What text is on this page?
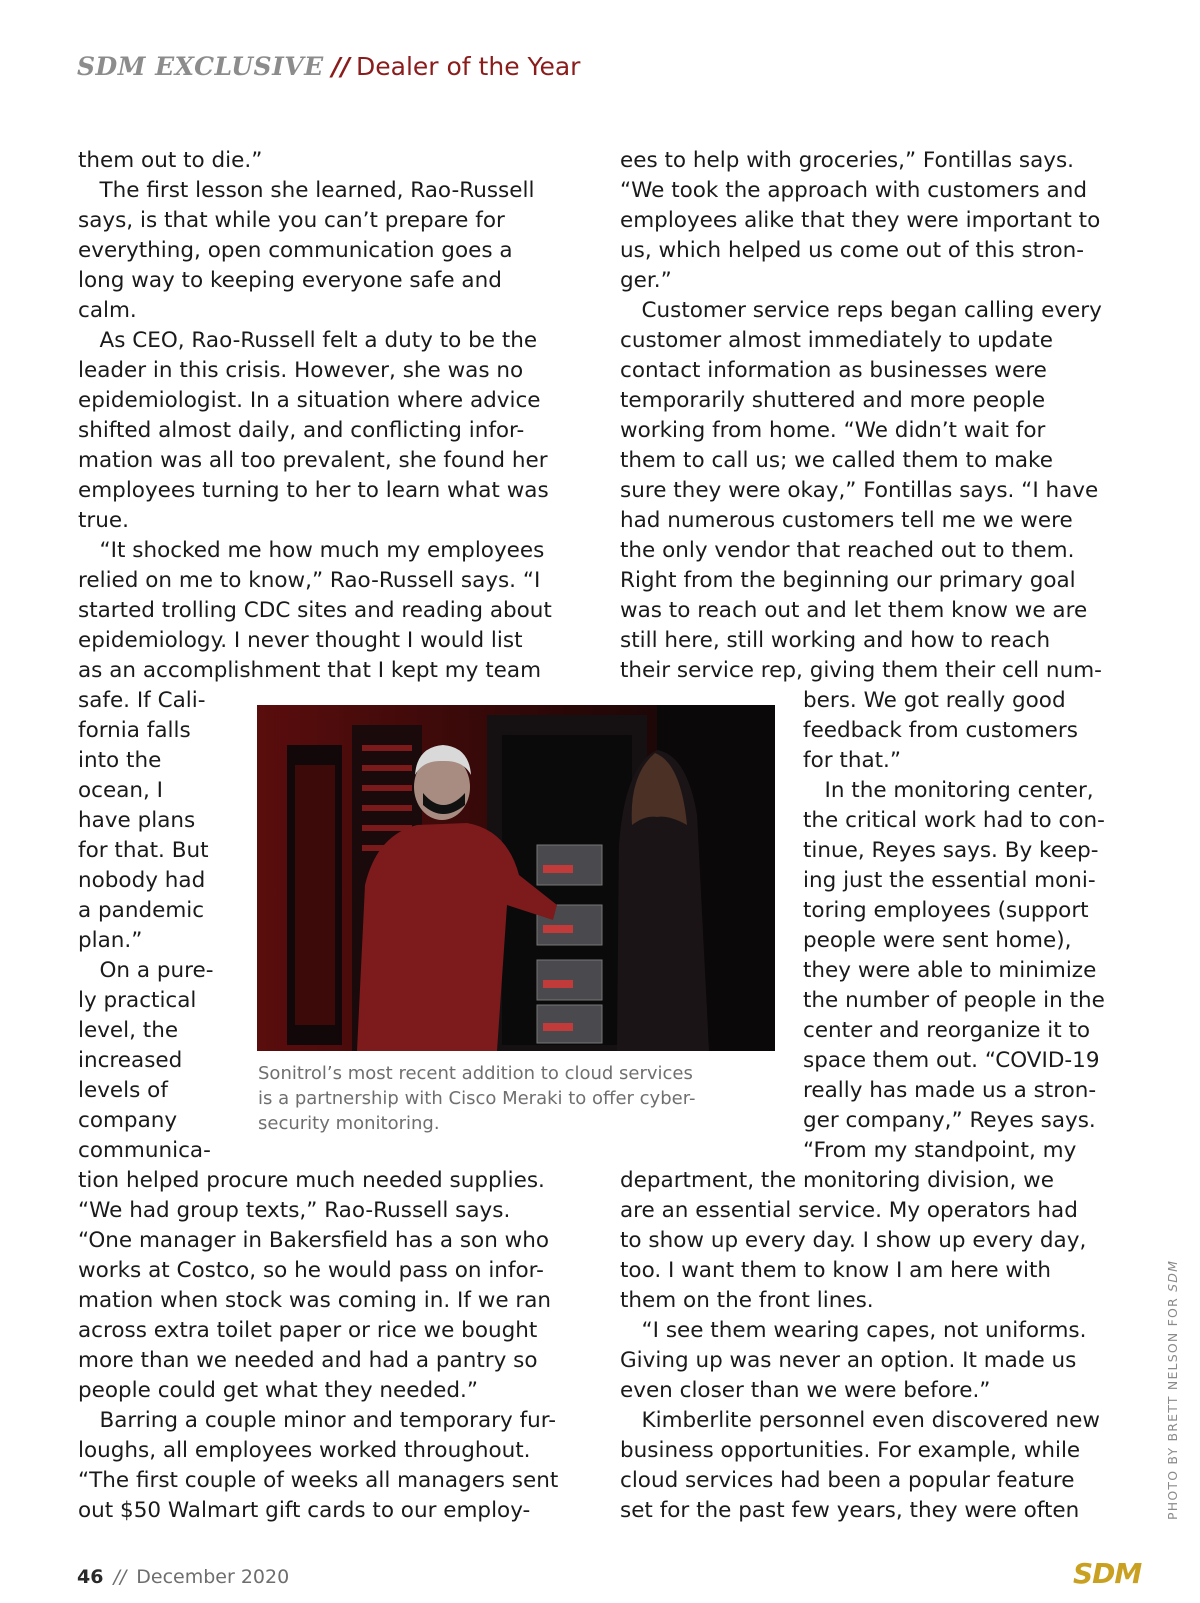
SDM EXCLUSIVE // Dealer of the Year
them out to die.”
 The first lesson she learned, Rao-Russell
says, is that while you can’t prepare for
everything, open communication goes a
long way to keeping everyone safe and
calm.
 As CEO, Rao-Russell felt a duty to be the
leader in this crisis. However, she was no
epidemiologist. In a situation where advice
shifted almost daily, and conflicting infor-
mation was all too prevalent, she found her
employees turning to her to learn what was
true.
 “It shocked me how much my employees
relied on me to know,” Rao-Russell says. “I
started trolling CDC sites and reading about
epidemiology. I never thought I would list
as an accomplishment that I kept my team
safe. If Cali-
fornia falls
into the
ocean, I
have plans
for that. But
nobody had
a pandemic
plan.”
 On a pure-
ly practical
level, the
increased
levels of
company
communica-
tion helped procure much needed supplies.
“We had group texts,” Rao-Russell says.
“One manager in Bakersfield has a son who
works at Costco, so he would pass on infor-
mation when stock was coming in. If we ran
across extra toilet paper or rice we bought
more than we needed and had a pantry so
people could get what they needed.”
 Barring a couple minor and temporary fur-
loughs, all employees worked throughout.
“The first couple of weeks all managers sent
out $50 Walmart gift cards to our employ-
ees to help with groceries,” Fontillas says.
“We took the approach with customers and
employees alike that they were important to
us, which helped us come out of this stron-
ger.”
 Customer service reps began calling every
customer almost immediately to update
contact information as businesses were
temporarily shuttered and more people
working from home. “We didn’t wait for
them to call us; we called them to make
sure they were okay,” Fontillas says. “I have
had numerous customers tell me we were
the only vendor that reached out to them.
Right from the beginning our primary goal
was to reach out and let them know we are
still here, still working and how to reach
their service rep, giving them their cell num-
bers. We got really good
feedback from customers
for that.”
 In the monitoring center,
the critical work had to con-
tinue, Reyes says. By keep-
ing just the essential moni-
toring employees (support
people were sent home),
they were able to minimize
the number of people in the
center and reorganize it to
space them out. “COVID-19
really has made us a stron-
ger company,” Reyes says.
“From my standpoint, my
department, the monitoring division, we
are an essential service. My operators had
to show up every day. I show up every day,
too. I want them to know I am here with
them on the front lines.
 “I see them wearing capes, not uniforms.
Giving up was never an option. It made us
even closer than we were before.”
 Kimberlite personnel even discovered new
business opportunities. For example, while
cloud services had been a popular feature
set for the past few years, they were often
Sonitrol’s most recent addition to cloud services
is a partnership with Cisco Meraki to offer cyber-
security monitoring.
PHOTO BY BRETT NELSON FOR SDM
46 // December 2020	SDM
